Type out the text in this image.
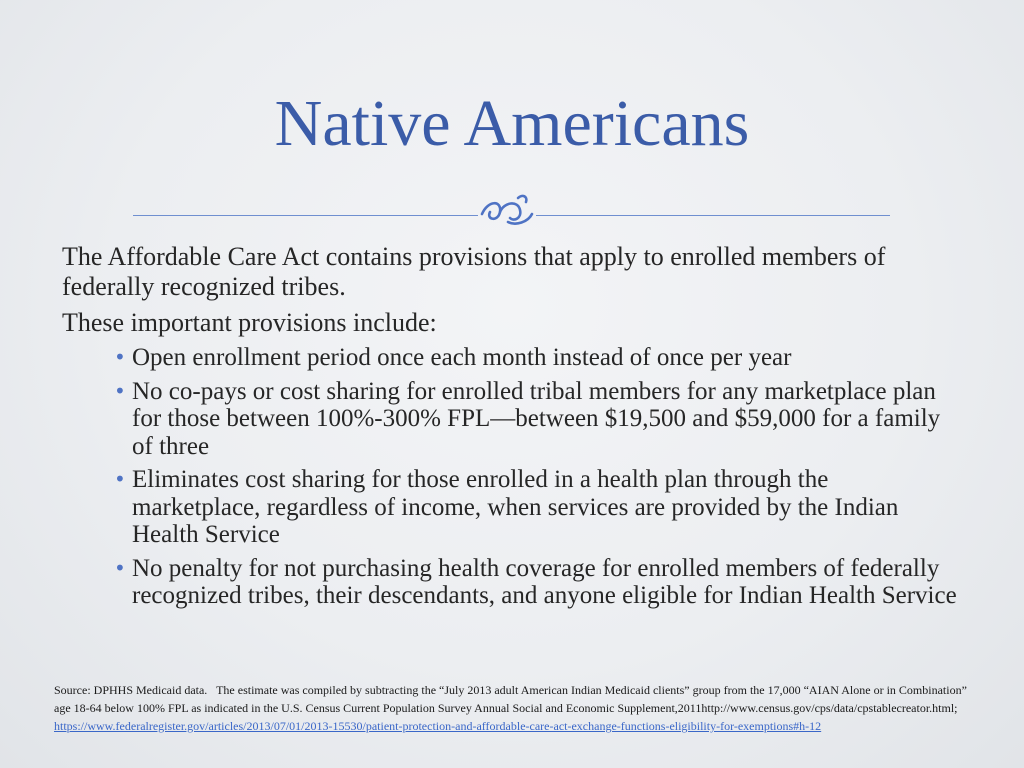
Native Americans

The Affordable Care Act contains provisions that apply to enrolled members of federally recognized tribes.

These important provisions include:

• Open enrollment period once each month instead of once per year
• No co-pays or cost sharing for enrolled tribal members for any marketplace plan for those between 100%-300% FPL—between $19,500 and $59,000 for a family of three
• Eliminates cost sharing for those enrolled in a health plan through the marketplace, regardless of income, when services are provided by the Indian Health Service
• No penalty for not purchasing health coverage for enrolled members of federally recognized tribes, their descendants, and anyone eligible for Indian Health Service
Source: DPHHS Medicaid data.   The estimate was compiled by subtracting the “July 2013 adult American Indian Medicaid clients” group from the 17,000 “AIAN Alone or in Combination” age 18-64 below 100% FPL as indicated in the U.S. Census Current Population Survey Annual Social and Economic Supplement,2011http://www.census.gov/cps/data/cpstablecreator.html; https://www.federalregister.gov/articles/2013/07/01/2013-15530/patient-protection-and-affordable-care-act-exchange-functions-eligibility-for-exemptions#h-12
